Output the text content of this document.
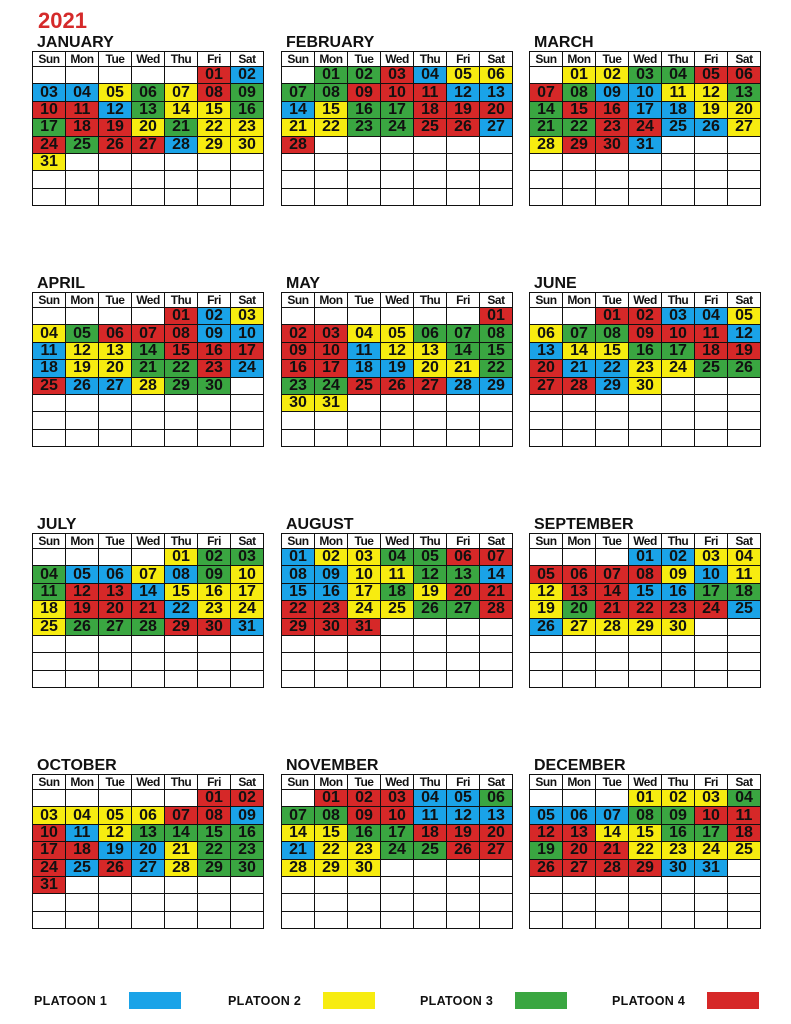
2021
JANUARY
Sun	Mon	Tue	Wed	Thu	Fri	Sat
					01	02
03	04	05	06	07	08	09
10	11	12	13	14	15	16
17	18	19	20	21	22	23
24	25	26	27	28	29	30
31						

FEBRUARY
Sun	Mon	Tue	Wed	Thu	Fri	Sat
	01	02	03	04	05	06
07	08	09	10	11	12	13
14	15	16	17	18	19	20
21	22	23	24	25	26	27
28						

MARCH
Sun	Mon	Tue	Wed	Thu	Fri	Sat
	01	02	03	04	05	06
07	08	09	10	11	12	13
14	15	16	17	18	19	20
21	22	23	24	25	26	27
28	29	30	31			

APRIL
Sun	Mon	Tue	Wed	Thu	Fri	Sat
				01	02	03
04	05	06	07	08	09	10
11	12	13	14	15	16	17
18	19	20	21	22	23	24
25	26	27	28	29	30	

MAY
Sun	Mon	Tue	Wed	Thu	Fri	Sat
						01
02	03	04	05	06	07	08
09	10	11	12	13	14	15
16	17	18	19	20	21	22
23	24	25	26	27	28	29
30	31					

JUNE
Sun	Mon	Tue	Wed	Thu	Fri	Sat
		01	02	03	04	05
06	07	08	09	10	11	12
13	14	15	16	17	18	19
20	21	22	23	24	25	26
27	28	29	30			

JULY
Sun	Mon	Tue	Wed	Thu	Fri	Sat
				01	02	03
04	05	06	07	08	09	10
11	12	13	14	15	16	17
18	19	20	21	22	23	24
25	26	27	28	29	30	31

AUGUST
Sun	Mon	Tue	Wed	Thu	Fri	Sat
01	02	03	04	05	06	07
08	09	10	11	12	13	14
15	16	17	18	19	20	21
22	23	24	25	26	27	28
29	30	31				

SEPTEMBER
Sun	Mon	Tue	Wed	Thu	Fri	Sat
			01	02	03	04
05	06	07	08	09	10	11
12	13	14	15	16	17	18
19	20	21	22	23	24	25
26	27	28	29	30		

OCTOBER
Sun	Mon	Tue	Wed	Thu	Fri	Sat
					01	02
03	04	05	06	07	08	09
10	11	12	13	14	15	16
17	18	19	20	21	22	23
24	25	26	27	28	29	30
31						

NOVEMBER
Sun	Mon	Tue	Wed	Thu	Fri	Sat
	01	02	03	04	05	06
07	08	09	10	11	12	13
14	15	16	17	18	19	20
21	22	23	24	25	26	27
28	29	30				

DECEMBER
Sun	Mon	Tue	Wed	Thu	Fri	Sat
			01	02	03	04
05	06	07	08	09	10	11
12	13	14	15	16	17	18
19	20	21	22	23	24	25
26	27	28	29	30	31	

PLATOON 1	PLATOON 2	PLATOON 3	PLATOON 4
